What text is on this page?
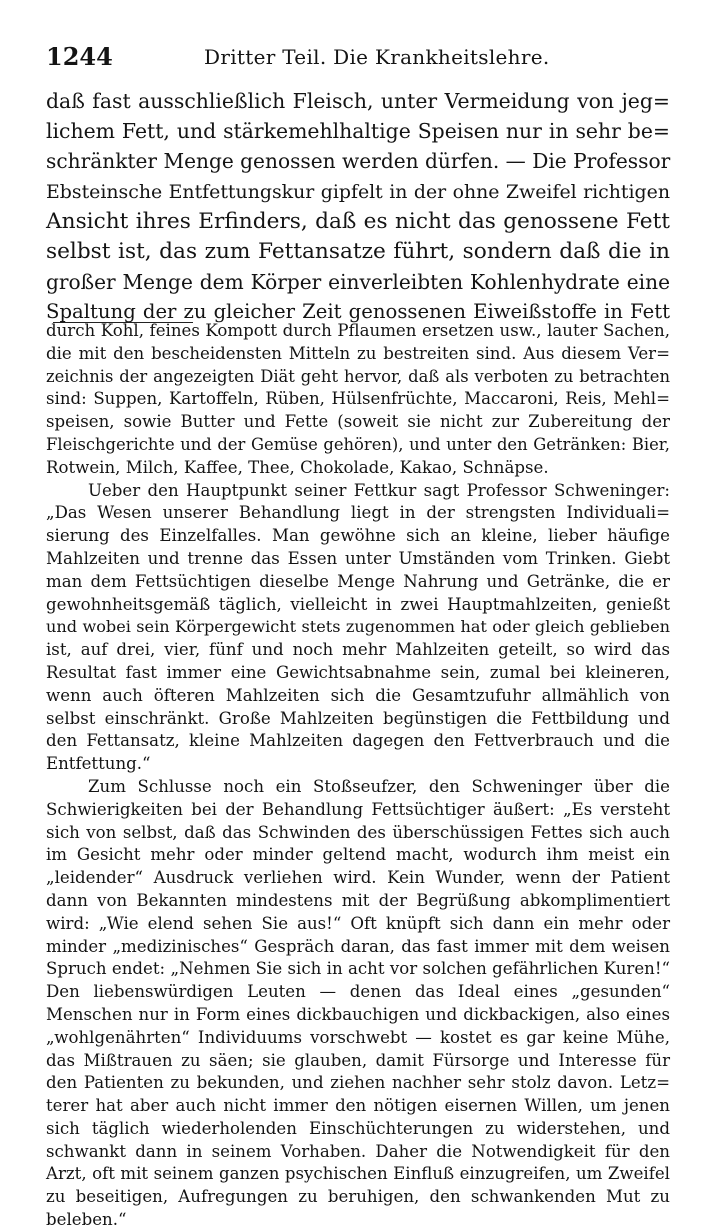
1244	Dritter Teil. Die Krankheitslehre.
daß fast ausschließlich Fleisch, unter Vermeidung von jeg=
lichem Fett, und stärkemehlhaltige Speisen nur in sehr be=
schränkter Menge genossen werden dürfen. — Die Professor
Ebsteinsche Entfettungskur gipfelt in der ohne Zweifel richtigen
Ansicht ihres Erfinders, daß es nicht das genossene Fett
selbst ist, das zum Fettansatze führt, sondern daß die in
großer Menge dem Körper einverleibten Kohlenhydrate eine
Spaltung der zu gleicher Zeit genossenen Eiweißstoffe in Fett
durch Kohl, feines Kompott durch Pflaumen ersetzen usw., lauter Sachen,
die mit den bescheidensten Mitteln zu bestreiten sind. Aus diesem Ver=
zeichnis der angezeigten Diät geht hervor, daß als verboten zu betrachten
sind: Suppen, Kartoffeln, Rüben, Hülsenfrüchte, Maccaroni, Reis, Mehl=
speisen, sowie Butter und Fette (soweit sie nicht zur Zubereitung der
Fleischgerichte und der Gemüse gehören), und unter den Getränken: Bier,
Rotwein, Milch, Kaffee, Thee, Chokolade, Kakao, Schnäpse.
Ueber den Hauptpunkt seiner Fettkur sagt Professor Schweninger:
„Das Wesen unserer Behandlung liegt in der strengsten Individuali=
sierung des Einzelfalles. Man gewöhne sich an kleine, lieber häufige
Mahlzeiten und trenne das Essen unter Umständen vom Trinken. Giebt
man dem Fettsüchtigen dieselbe Menge Nahrung und Getränke, die er
gewohnheitsgemäß täglich, vielleicht in zwei Hauptmahlzeiten, genießt
und wobei sein Körpergewicht stets zugenommen hat oder gleich geblieben
ist, auf drei, vier, fünf und noch mehr Mahlzeiten geteilt, so wird das
Resultat fast immer eine Gewichtsabnahme sein, zumal bei kleineren,
wenn auch öfteren Mahlzeiten sich die Gesamtzufuhr allmählich von
selbst einschränkt. Große Mahlzeiten begünstigen die Fettbildung und
den Fettansatz, kleine Mahlzeiten dagegen den Fettverbrauch und die
Entfettung.“
Zum Schlusse noch ein Stoßseufzer, den Schweninger über die
Schwierigkeiten bei der Behandlung Fettsüchtiger äußert: „Es versteht
sich von selbst, daß das Schwinden des überschüssigen Fettes sich auch
im Gesicht mehr oder minder geltend macht, wodurch ihm meist ein
„leidender“ Ausdruck verliehen wird. Kein Wunder, wenn der Patient
dann von Bekannten mindestens mit der Begrüßung abkomplimentiert
wird: „Wie elend sehen Sie aus!“ Oft knüpft sich dann ein mehr oder
minder „medizinisches“ Gespräch daran, das fast immer mit dem weisen
Spruch endet: „Nehmen Sie sich in acht vor solchen gefährlichen Kuren!“
Den liebenswürdigen Leuten — denen das Ideal eines „gesunden“
Menschen nur in Form eines dickbauchigen und dickbackigen, also eines
„wohlgenährten“ Individuums vorschwebt — kostet es gar keine Mühe,
das Mißtrauen zu säen; sie glauben, damit Fürsorge und Interesse für
den Patienten zu bekunden, und ziehen nachher sehr stolz davon. Letz=
terer hat aber auch nicht immer den nötigen eisernen Willen, um jenen
sich täglich wiederholenden Einschüchterungen zu widerstehen, und
schwankt dann in seinem Vorhaben. Daher die Notwendigkeit für den
Arzt, oft mit seinem ganzen psychischen Einfluß einzugreifen, um Zweifel
zu beseitigen, Aufregungen zu beruhigen, den schwankenden Mut zu
beleben.“
